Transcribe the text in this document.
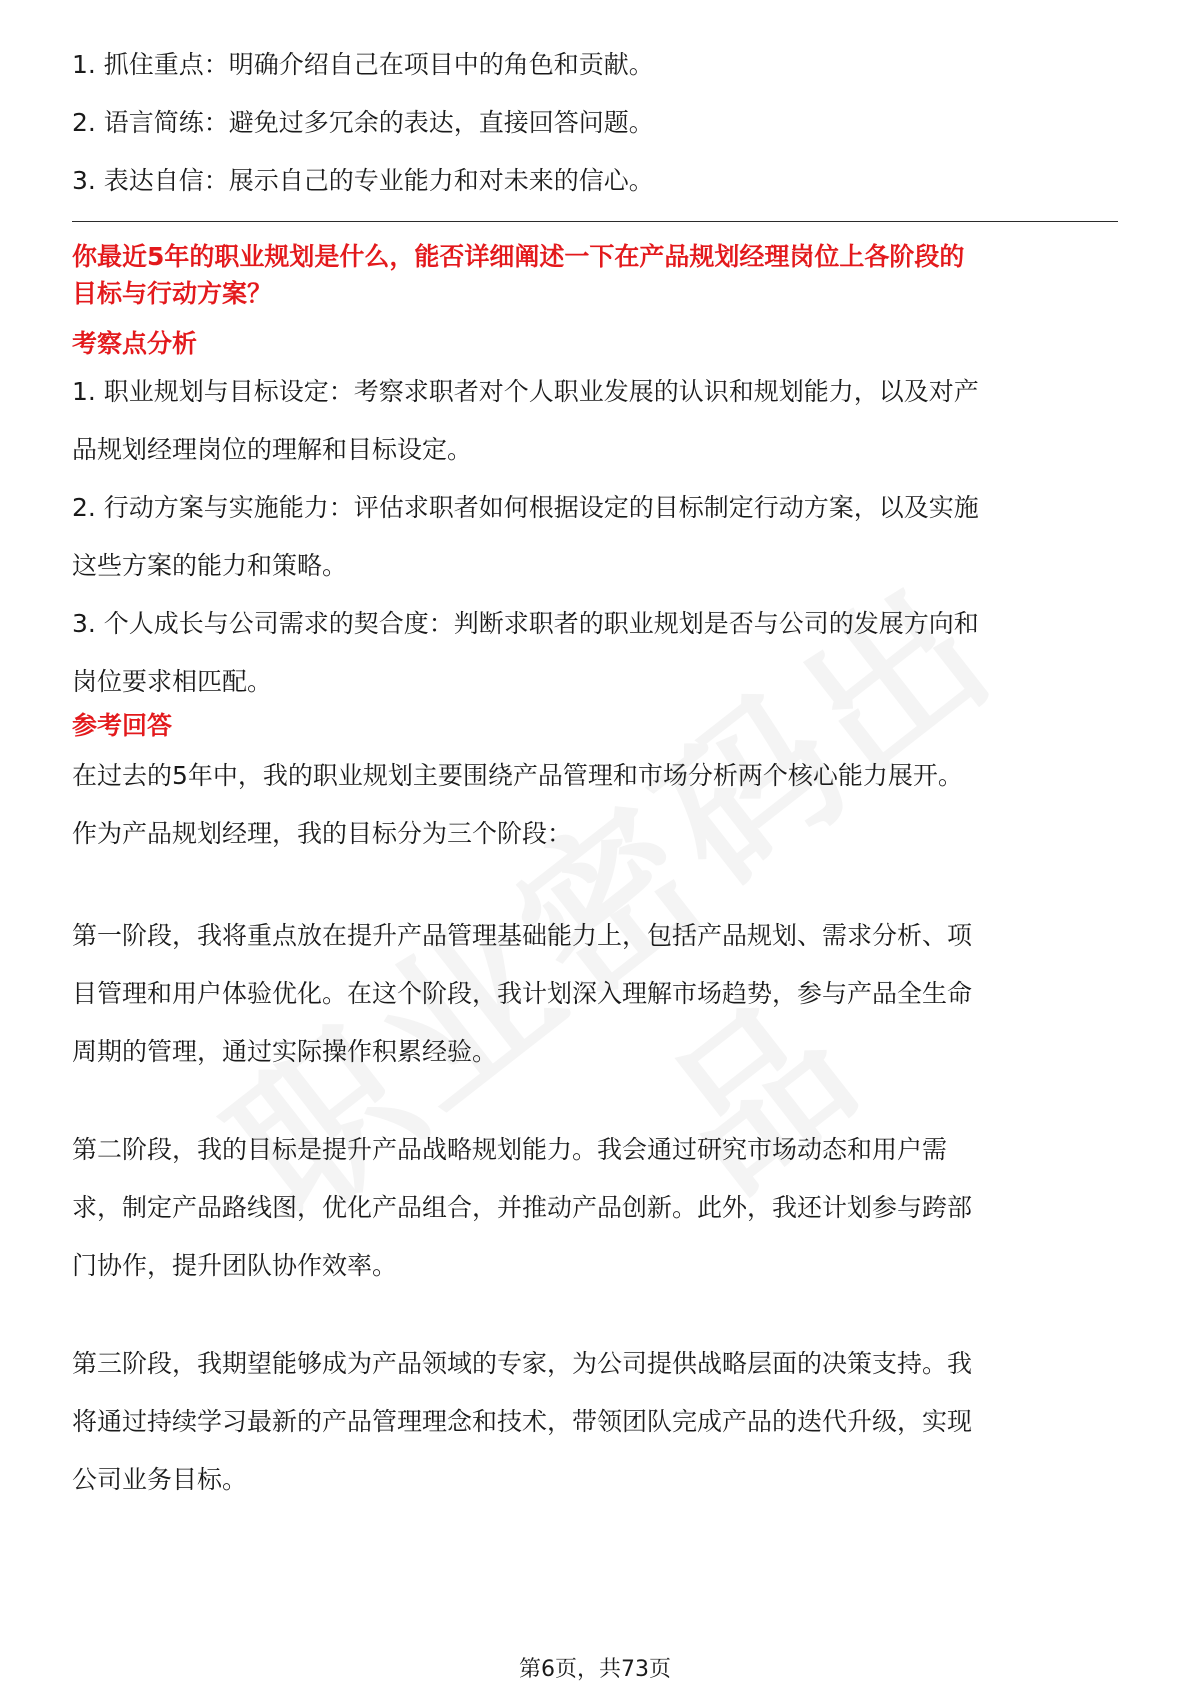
1. 抓住重点：明确介绍自己在项目中的角色和贡献。
2. 语言简练：避免过多冗余的表达，直接回答问题。
3. 表达自信：展示自己的专业能力和对未来的信心。
你最近5年的职业规划是什么，能否详细阐述一下在产品规划经理岗位上各阶段的
目标与行动方案？
考察点分析
1. 职业规划与目标设定：考察求职者对个人职业发展的认识和规划能力，以及对产
品规划经理岗位的理解和目标设定。
2. 行动方案与实施能力：评估求职者如何根据设定的目标制定行动方案，以及实施
这些方案的能力和策略。
3. 个人成长与公司需求的契合度：判断求职者的职业规划是否与公司的发展方向和
岗位要求相匹配。
参考回答
在过去的5年中，我的职业规划主要围绕产品管理和市场分析两个核心能力展开。
作为产品规划经理，我的目标分为三个阶段：
第一阶段，我将重点放在提升产品管理基础能力上，包括产品规划、需求分析、项
目管理和用户体验优化。在这个阶段，我计划深入理解市场趋势，参与产品全生命
周期的管理，通过实际操作积累经验。
第二阶段，我的目标是提升产品战略规划能力。我会通过研究市场动态和用户需
求，制定产品路线图，优化产品组合，并推动产品创新。此外，我还计划参与跨部
门协作，提升团队协作效率。
第三阶段，我期望能够成为产品领域的专家，为公司提供战略层面的决策支持。我
将通过持续学习最新的产品管理理念和技术，带领团队完成产品的迭代升级，实现
公司业务目标。
第6页，共73页
